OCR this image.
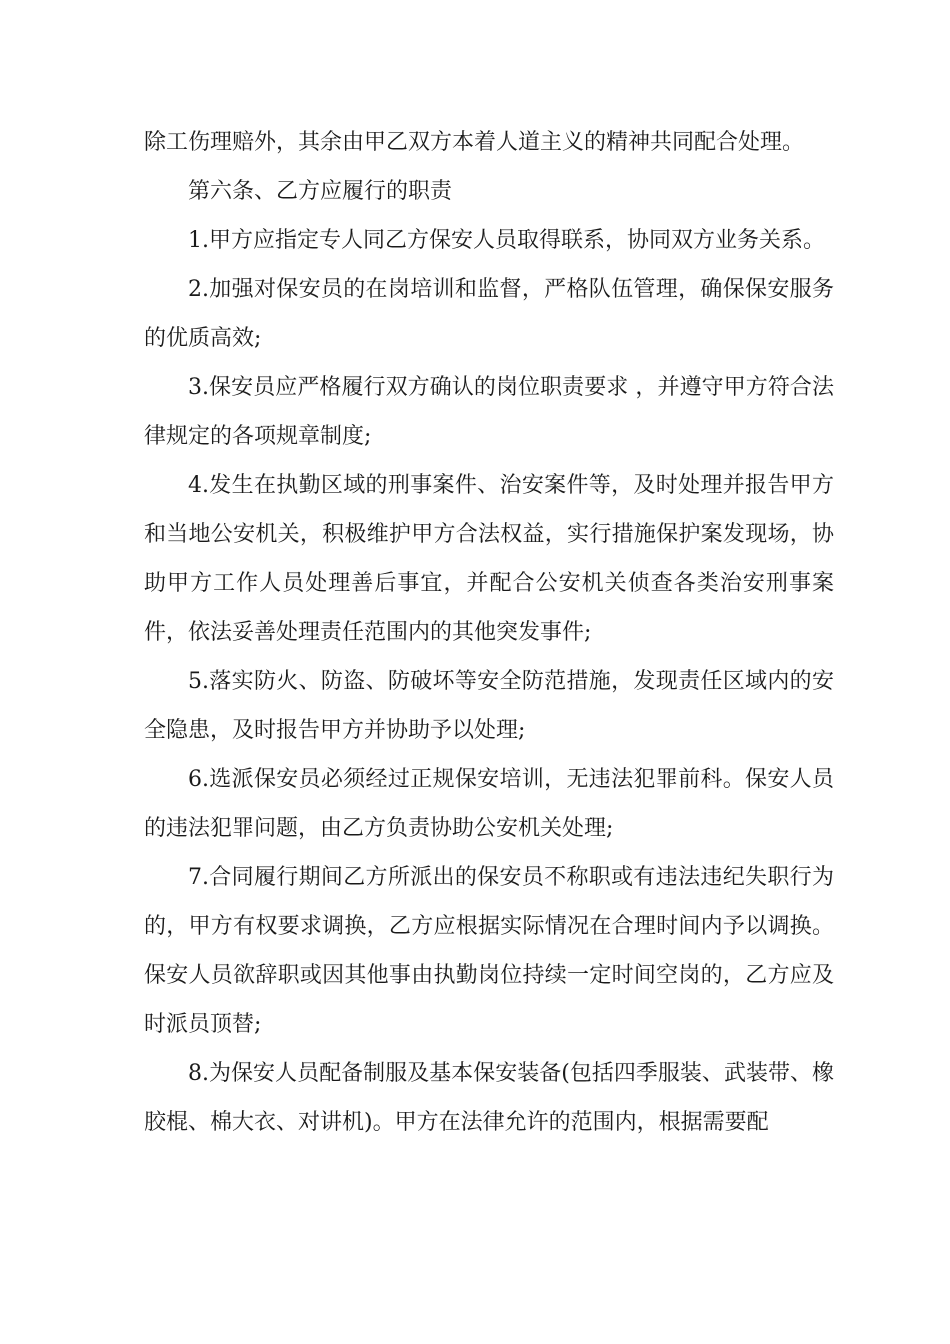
除工伤理赔外，其余由甲乙双方本着人道主义的精神共同配合处理。

第六条、乙方应履行的职责

1.甲方应指定专人同乙方保安人员取得联系，协同双方业务关系。

2.加强对保安员的在岗培训和监督，严格队伍管理，确保保安服务的优质高效;

3.保安员应严格履行双方确认的岗位职责要求 ，并遵守甲方符合法律规定的各项规章制度;

4.发生在执勤区域的刑事案件、治安案件等，及时处理并报告甲方和当地公安机关，积极维护甲方合法权益，实行措施保护案发现场，协助甲方工作人员处理善后事宜，并配合公安机关侦查各类治安刑事案件，依法妥善处理责任范围内的其他突发事件;

5.落实防火、防盗、防破坏等安全防范措施，发现责任区域内的安全隐患，及时报告甲方并协助予以处理;

6.选派保安员必须经过正规保安培训，无违法犯罪前科。保安人员的违法犯罪问题，由乙方负责协助公安机关处理;

7.合同履行期间乙方所派出的保安员不称职或有违法违纪失职行为的，甲方有权要求调换，乙方应根据实际情况在合理时间内予以调换。保安人员欲辞职或因其他事由执勤岗位持续一定时间空岗的，乙方应及时派员顶替;

8.为保安人员配备制服及基本保安装备(包括四季服装、武装带、橡胶棍、棉大衣、对讲机)。甲方在法律允许的范围内，根据需要配
